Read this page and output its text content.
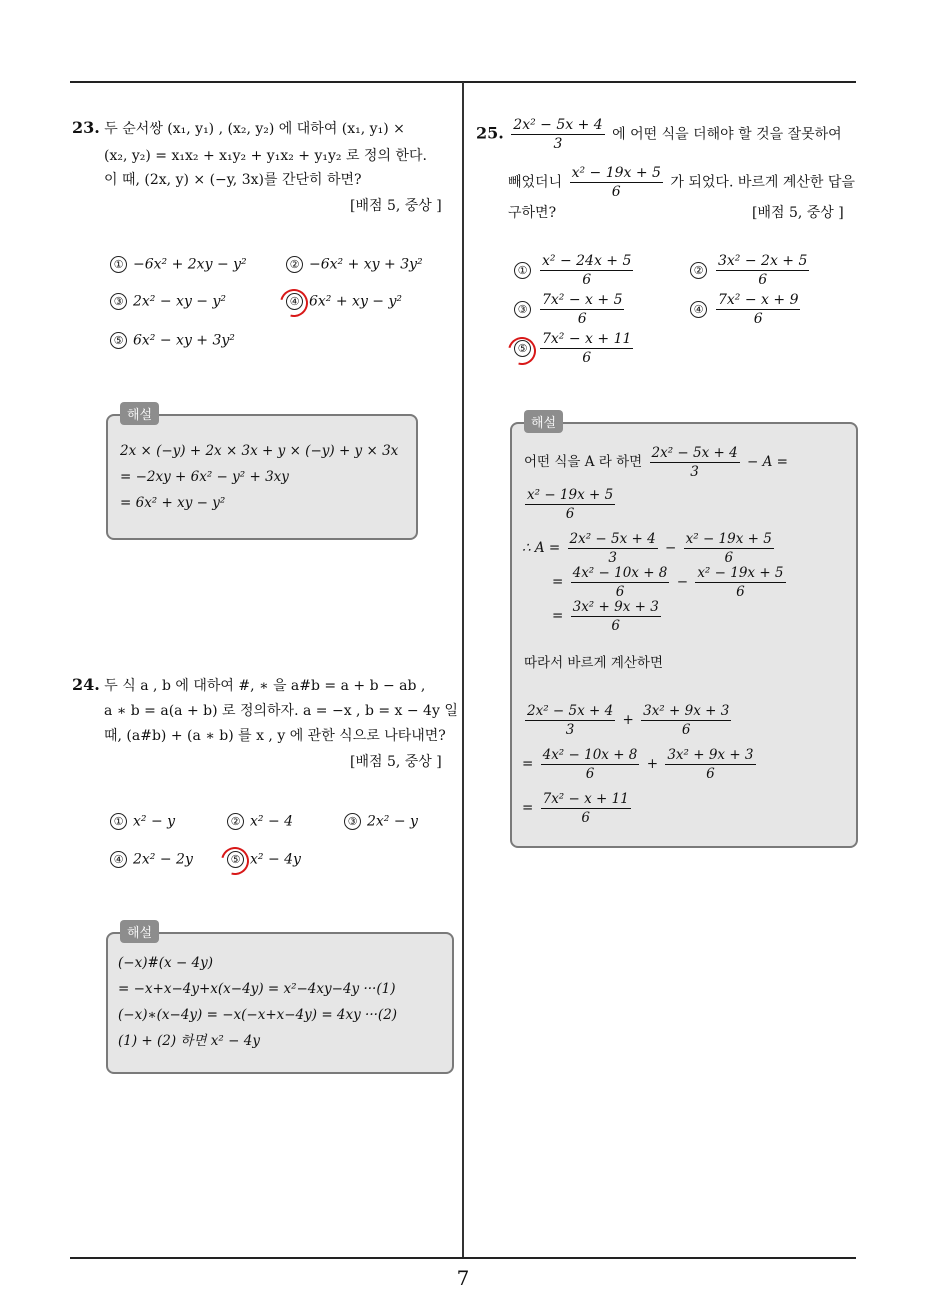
7
23. 두 순서쌍 (x₁, y₁) , (x₂, y₂) 에 대하여 (x₁, y₁) ×
(x₂, y₂) = x₁x₂ + x₁y₂ + y₁x₂ + y₁y₂ 로 정의 한다.
이 때, (2x, y) × (−y, 3x)를 간단히 하면?
[배점 5, 중상 ]
① −6x² + 2xy − y²	② −6x² + xy + 3y²
③ 2x² − xy − y²	④ 6x² + xy − y²
⑤ 6x² − xy + 3y²
해설
2x × (−y) + 2x × 3x + y × (−y) + y × 3x
= −2xy + 6x² − y² + 3xy
= 6x² + xy − y²
24. 두 식 a , b 에 대하여 #, ∗ 을 a#b = a + b − ab ,
a ∗ b = a(a + b) 로 정의하자. a = −x , b = x − 4y 일
때, (a#b) + (a ∗ b) 를 x , y 에 관한 식으로 나타내면?
[배점 5, 중상 ]
① x² − y	② x² − 4	③ 2x² − y
④ 2x² − 2y	⑤ x² − 4y
해설
(−x)#(x − 4y)
= −x+x−4y+x(x−4y) = x²−4xy−4y ···(1)
(−x)∗(x−4y) = −x(−x+x−4y) = 4xy ···(2)
(1) + (2) 하면 x² − 4y
25. $\frac{\text{2x² − 5x + 4}}{3}$ 에 어떤 식을 더해야 할 것을 잘못하여
빼었더니 $\frac{\text{x² − 19x + 5}}{6}$ 가 되었다. 바르게 계산한 답을
구하면?	[배점 5, 중상 ]
① $\frac{\text{x² − 24x + 5}}{6}$	② $\frac{\text{3x² − 2x + 5}}{6}$
③ $\frac{\text{7x² − x + 5}}{6}$	④ $\frac{\text{7x² − x + 9}}{6}$
⑤ $\frac{\text{7x² − x + 11}}{6}$
해설
어떤 식을 A 라 하면 $\frac{\text{2x² − 5x + 4}}{3} - A$ =
$\frac{\text{x² − 19x + 5}}{6}$
∴ $A = \frac{\text{2x² − 5x + 4}}{3} - \frac{\text{x² − 19x + 5}}{6}$
= $\frac{\text{4x² − 10x + 8}}{6} - \frac{\text{x² − 19x + 5}}{6}$
= $\frac{\text{3x² + 9x + 3}}{6}$
따라서 바르게 계산하면
$\frac{\text{2x² − 5x + 4}}{3} + \frac{\text{3x² + 9x + 3}}{6}$
= $\frac{\text{4x² − 10x + 8}}{6} + \frac{\text{3x² + 9x + 3}}{6}$
= $\frac{\text{7x² − x + 11}}{6}$
